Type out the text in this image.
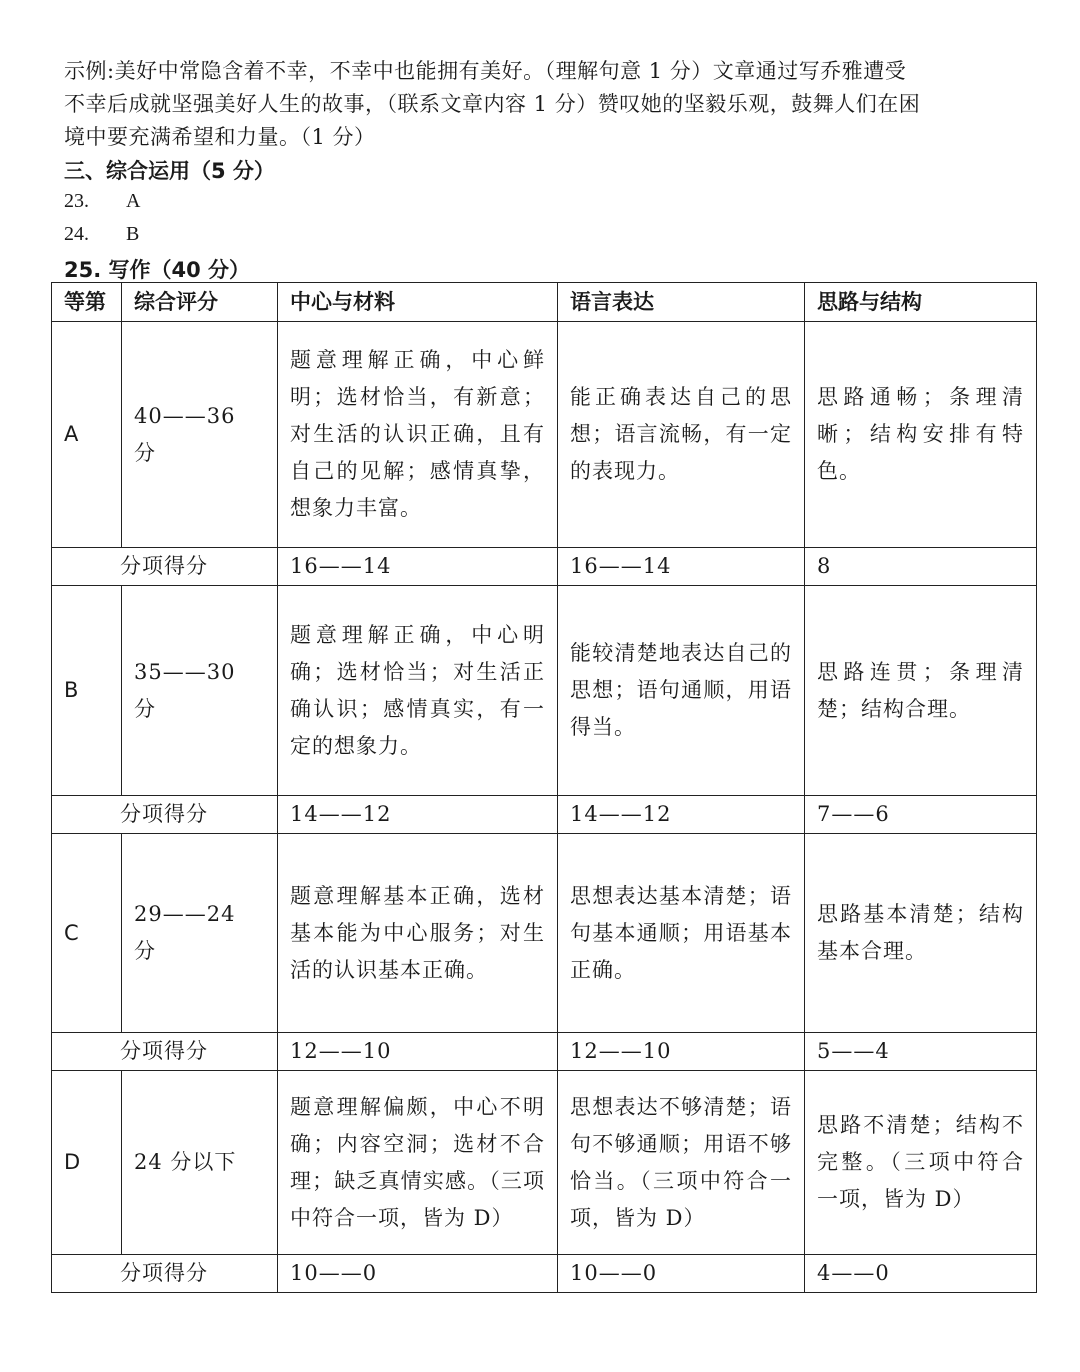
示例:美好中常隐含着不幸，不幸中也能拥有美好。（理解句意 1 分）文章通过写乔雅遭受

不幸后成就坚强美好人生的故事，（联系文章内容 1 分）赞叹她的坚毅乐观，鼓舞人们在困

境中要充满希望和力量。（1 分）

三、综合运用（5 分）
23. A
24. B
25. 写作（40 分）
等第	综合评分	中心与材料	语言表达	思路与结构
A	40——36 分	题意理解正确，中心鲜明；选材恰当，有新意；对生活的认识正确，且有自己的见解；感情真挚，想象力丰富。	能正确表达自己的思想；语言流畅，有一定的表现力。	思路通畅；条理清晰；结构安排有特色。

分项得分		16——14	16——14	8
B	35——30 分	题意理解正确，中心明确；选材恰当；对生活正确认识；感情真实，有一定的想象力。	能较清楚地表达自己的思想；语句通顺，用语得当。	思路连贯；条理清楚；结构合理。

分项得分		14——12	14——12	7——6
C	29——24 分	题意理解基本正确，选材基本能为中心服务；对生活的认识基本正确。	思想表达基本清楚；语句基本通顺；用语基本正确。	思路基本清楚；结构基本合理。

分项得分		12——10	12——10	5——4
D	24 分以下	题意理解偏颇，中心不明确；内容空洞；选材不合理；缺乏真情实感。（三项中符合一项，皆为 D）	思想表达不够清楚；语句不够通顺；用语不够恰当。（三项中符合一项，皆为 D）	思路不清楚；结构不完整。（三项中符合一项，皆为 D）

分项得分		10——0	10——0	4——0
